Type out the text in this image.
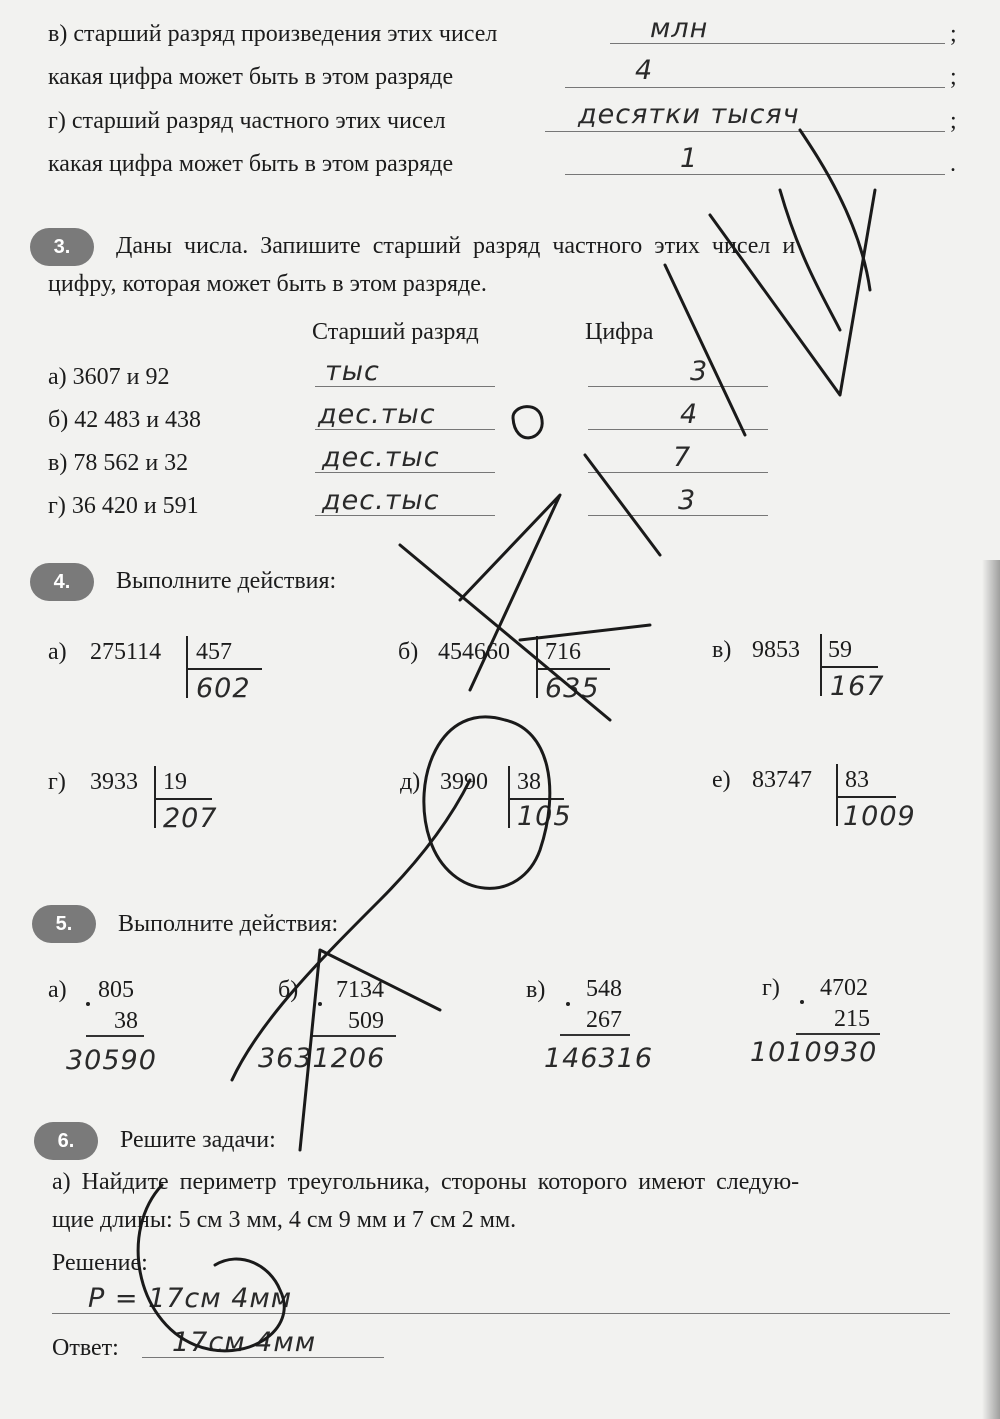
в) старший разряд произведения этих чисел	млн	;
какая цифра может быть в этом разряде	4	;
г) старший разряд частного этих чисел	десятки тысяч	;
какая цифра может быть в этом разряде	1	.
3.	Даны числа. Запишите старший разряд частного этих чисел и
цифру, которая может быть в этом разряде.
Старший разряд	Цифра
а) 3607 и 92	тыс	3
б) 42 483 и 438	дес.тыс	4
в) 78 562 и 32	дес.тыс	7
г) 36 420 и 591	дес.тыс	3
4.	Выполните действия:
а) 275114 457
602
б) 454660 716
635
в) 9853 59
167
г) 3933 19
207
д) 3990 38
105
е) 83747 83
1009
5.	Выполните действия:
а) 805
38
30590
б) 7134
509
3631206
в) 548
267
146316
г) 4702
215
1010930
6.	Решите задачи:
а) Найдите периметр треугольника, стороны которого имеют следую-
щие длины: 5 см 3 мм, 4 см 9 мм и 7 см 2 мм.
Решение:
P = 17см 4мм
Ответ: 17см 4мм
